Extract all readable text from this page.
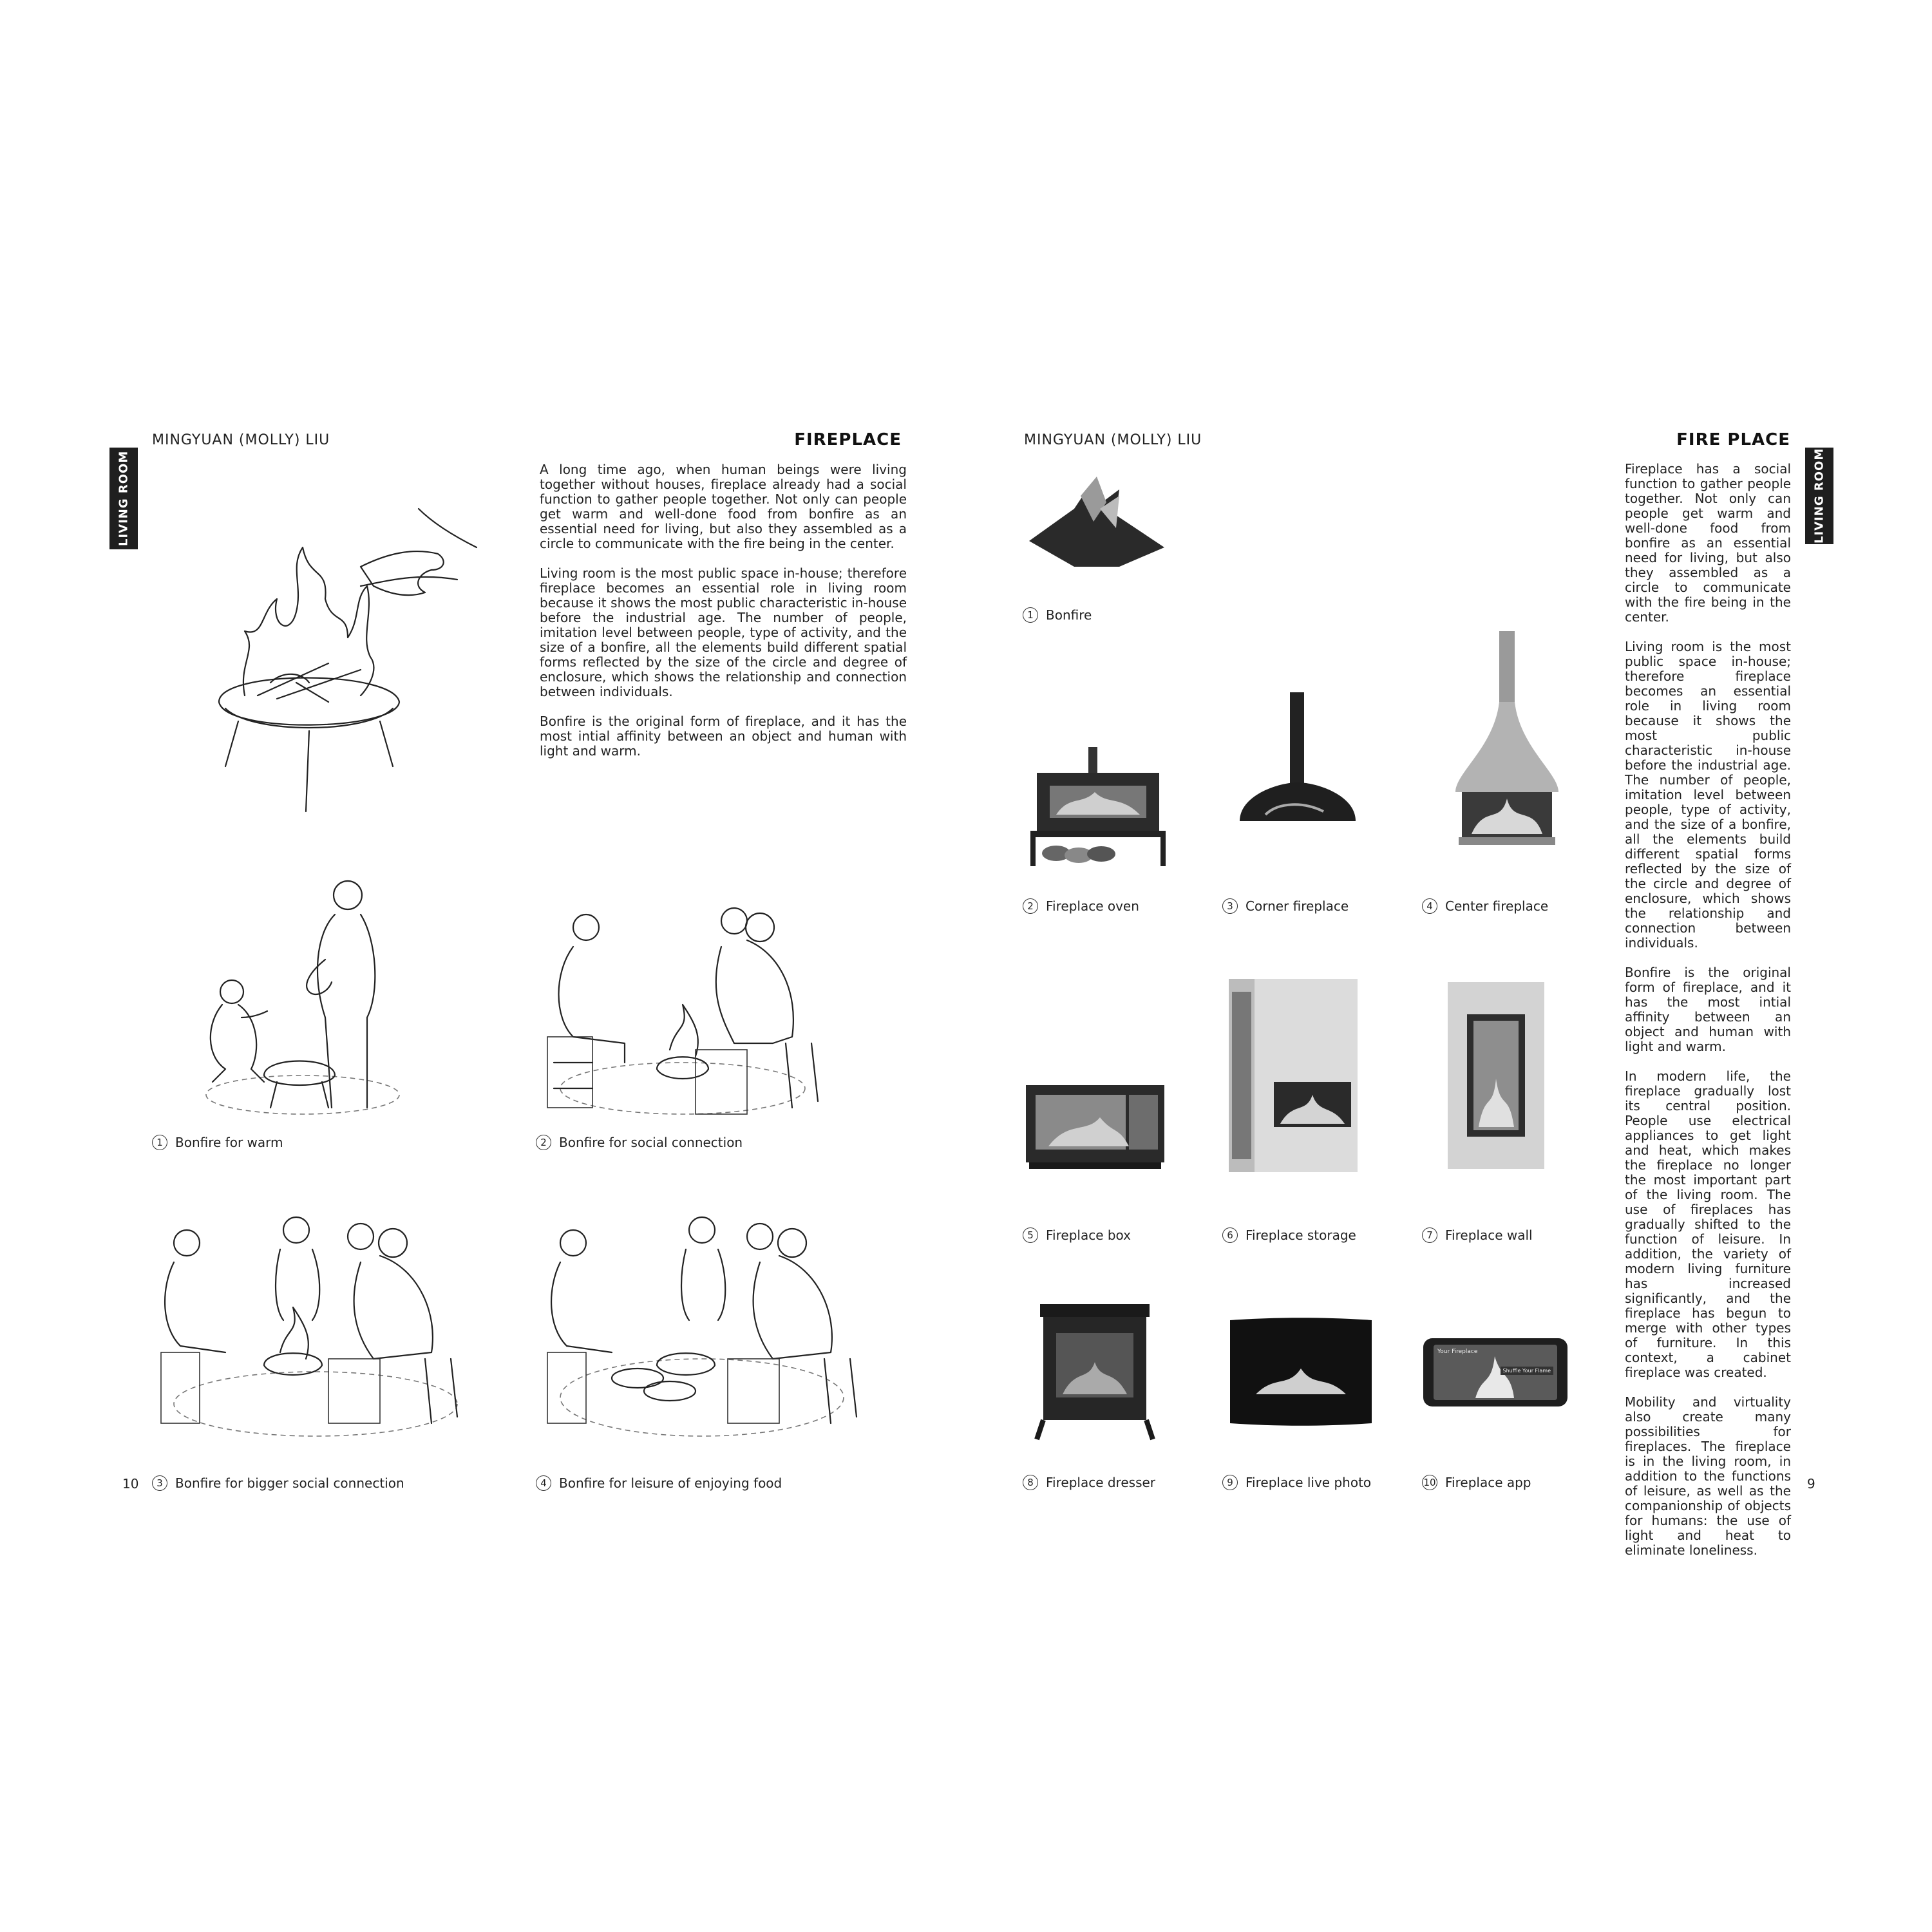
LIVING ROOM
MINGYUAN (MOLLY) LIU	FIREPLACE

A long time ago, when human beings were living together without houses, fireplace already had a social function to gather people together. Not only can people get warm and well-done food from bonfire as an essential need for living, but also they assembled as a circle to communicate with the fire being in the center.

Living room is the most public space in-house; therefore fireplace becomes an essential role in living room because it shows the most public characteristic in-house before the industrial age. The number of people, imitation level between people, type of activity, and the size of a bonfire, all the elements build different spatial forms reflected by the size of the circle and degree of enclosure, which shows the relationship and connection between individuals.

Bonfire is the original form of fireplace, and it has the most intial affinity between an object and human with light and warm.

1 Bonfire for warm	2 Bonfire for social connection
10	3 Bonfire for bigger social connection	4 Bonfire for leisure of enjoying food
MINGYUAN (MOLLY) LIU	FIRE PLACE
LIVING ROOM

Fireplace has a social function to gather people together. Not only can people get warm and well-done food from bonfire as an essential need for living, but also they assembled as a circle to communicate with the fire being in the center.

Living room is the most public space in-house; therefore fireplace becomes an essential role in living room because it shows the most public characteristic in-house before the industrial age. The number of people, imitation level between people, type of activity, and the size of a bonfire, all the elements build different spatial forms reflected by the size of the circle and degree of enclosure, which shows the relationship and connection between individuals.

Bonfire is the original form of fireplace, and it has the most intial affinity between an object and human with light and warm.

In modern life, the fireplace gradually lost its central position. People use electrical appliances to get light and heat, which makes the fireplace no longer the most important part of the living room. The use of fireplaces has gradually shifted to the function of leisure. In addition, the variety of modern living furniture has increased significantly, and the fireplace has begun to merge with other types of furniture. In this context, a cabinet fireplace was created.

Mobility and virtuality also create many possibilities for fireplaces. The fireplace is in the living room, in addition to the functions of leisure, as well as the companionship of objects for humans: the use of light and heat to eliminate loneliness.

9
1 Bonfire
2 Fireplace oven	3 Corner fireplace	4 Center fireplace
5 Fireplace box	6 Fireplace storage	7 Fireplace wall
8 Fireplace dresser	9 Fireplace live photo
Your Fireplace
Shuffle Your Flame
10 Fireplace app
